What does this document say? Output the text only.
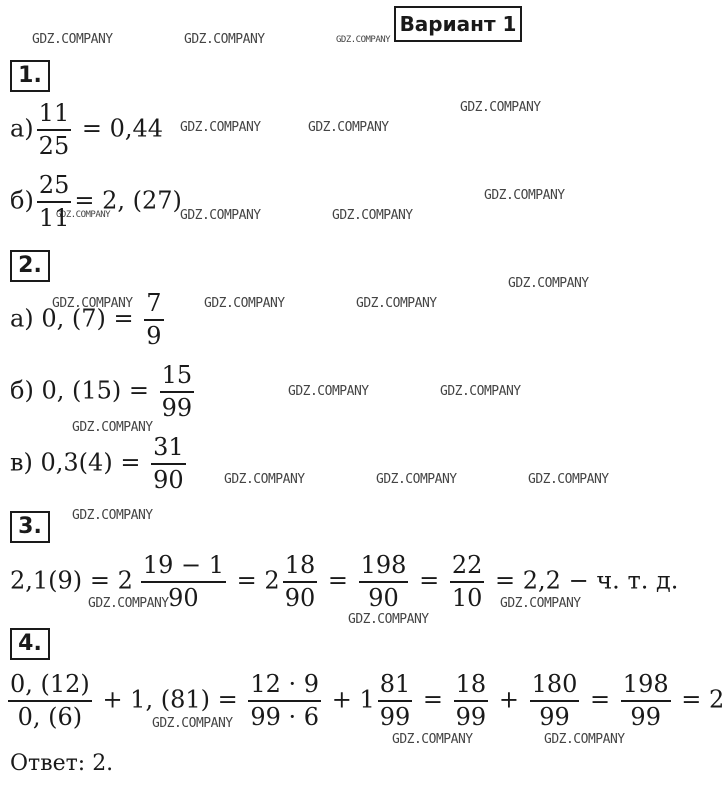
GDZ.COMPANY	GDZ.COMPANY	GDZ.COMPANY
GDZ.COMPANY
GDZ.COMPANY	GDZ.COMPANY
GDZ.COMPANY
GDZ.COMPANY	GDZ.COMPANY	GDZ.COMPANY
GDZ.COMPANY
GDZ.COMPANY	GDZ.COMPANY	GDZ.COMPANY
GDZ.COMPANY	GDZ.COMPANY
GDZ.COMPANY
GDZ.COMPANY	GDZ.COMPANY	GDZ.COMPANY
GDZ.COMPANY
GDZ.COMPANY	GDZ.COMPANY
GDZ.COMPANY
GDZ.COMPANY
GDZ.COMPANY	GDZ.COMPANY
Вариант 1
1.
$а) \frac{11}{25} = 0,44$
$б) \frac{25}{11} = 2$, (27)
2.
а) 0, $(7) = \frac{7}{9}$
б) 0, $(15) = \frac{15}{99}$
в) $0,3(4) = \frac{31}{90}$
3.
$2,1(9) = 2 \frac{19 - 1}{90} = 2 \frac{18}{90} = \frac{198}{90} = \frac{22}{10} = 2,2 - ч$. т. д.
4.
$\frac{0, (12)}{0, (6)} + 1$, $(81) = \frac{12 \cdot 9}{99 \cdot 6} + 1 \frac{81}{99} = \frac{18}{99} + \frac{180}{99} = \frac{198}{99} = 2$
Ответ: 2.
